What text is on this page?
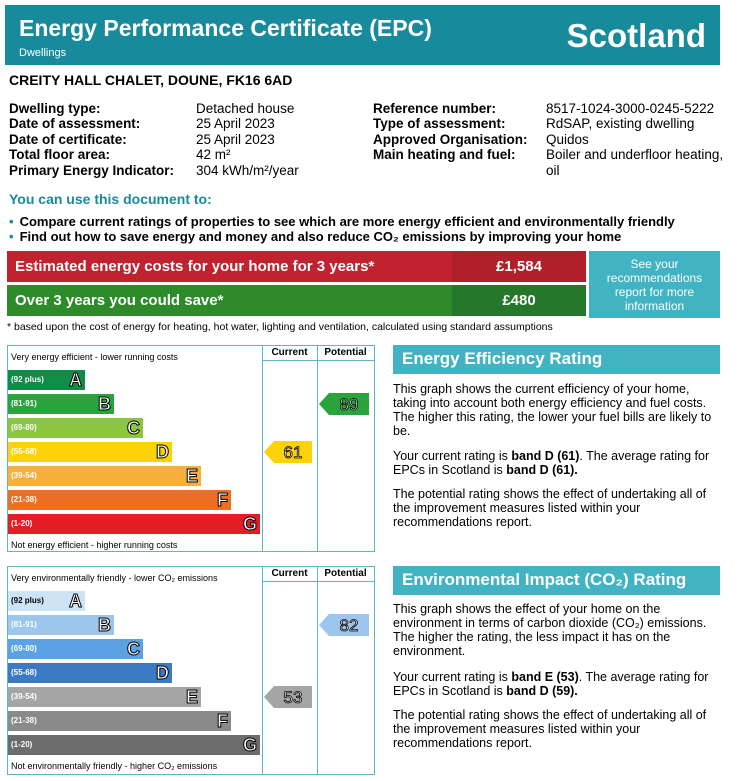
Energy Performance Certificate (EPC)
Dwellings	Scotland
CREITY HALL CHALET, DOUNE, FK16 6AD
Dwelling type:	Detached house
Date of assessment:	25 April 2023
Date of certificate:	25 April 2023
Total floor area:	42 m²
Primary Energy Indicator: 304 kWh/m²/year
Reference number:	8517-1024-3000-0245-5222
Type of assessment:	RdSAP, existing dwelling
Approved Organisation: Quidos
Main heating and fuel: Boiler and underfloor heating,
oil
You can use this document to:
• Compare current ratings of properties to see which are more energy efficient and environmentally friendly
• Find out how to save energy and money and also reduce CO₂ emissions by improving your home
Estimated energy costs for your home for 3 years*	£1,584
Over 3 years you could save*	£480
See your recommendations report for more information
* based upon the cost of energy for heating, hot water, lighting and ventilation, calculated using standard assumptions
Current	Potential
Very energy efficient - lower running costs
(92 plus) A
(81-91)	B
(69-80)	C
(55-68)	D
(39-54)	E
(21-38)	F
(1-20)	G
Not energy efficient - higher running costs
61
89
Current	Potential
Very environmentally friendly - lower CO₂ emissions
(92 plus) A
(81-91)	B
(69-80)	C
(55-68)	D
(39-54)	E
(21-38)	F
(1-20)	G
Not environmentally friendly - higher CO₂ emissions
53
82
Energy Efficiency Rating
This graph shows the current efficiency of your home, taking into account both energy efficiency and fuel costs. The higher this rating, the lower your fuel bills are likely to be.
Your current rating is band D (61). The average rating for EPCs in Scotland is band D (61).
The potential rating shows the effect of undertaking all of the improvement measures listed within your recommendations report.
Environmental Impact (CO₂) Rating
This graph shows the effect of your home on the environment in terms of carbon dioxide (CO₂) emissions. The higher the rating, the less impact it has on the environment.
Your current rating is band E (53). The average rating for EPCs in Scotland is band D (59).
The potential rating shows the effect of undertaking all of the improvement measures listed within your recommendations report.
